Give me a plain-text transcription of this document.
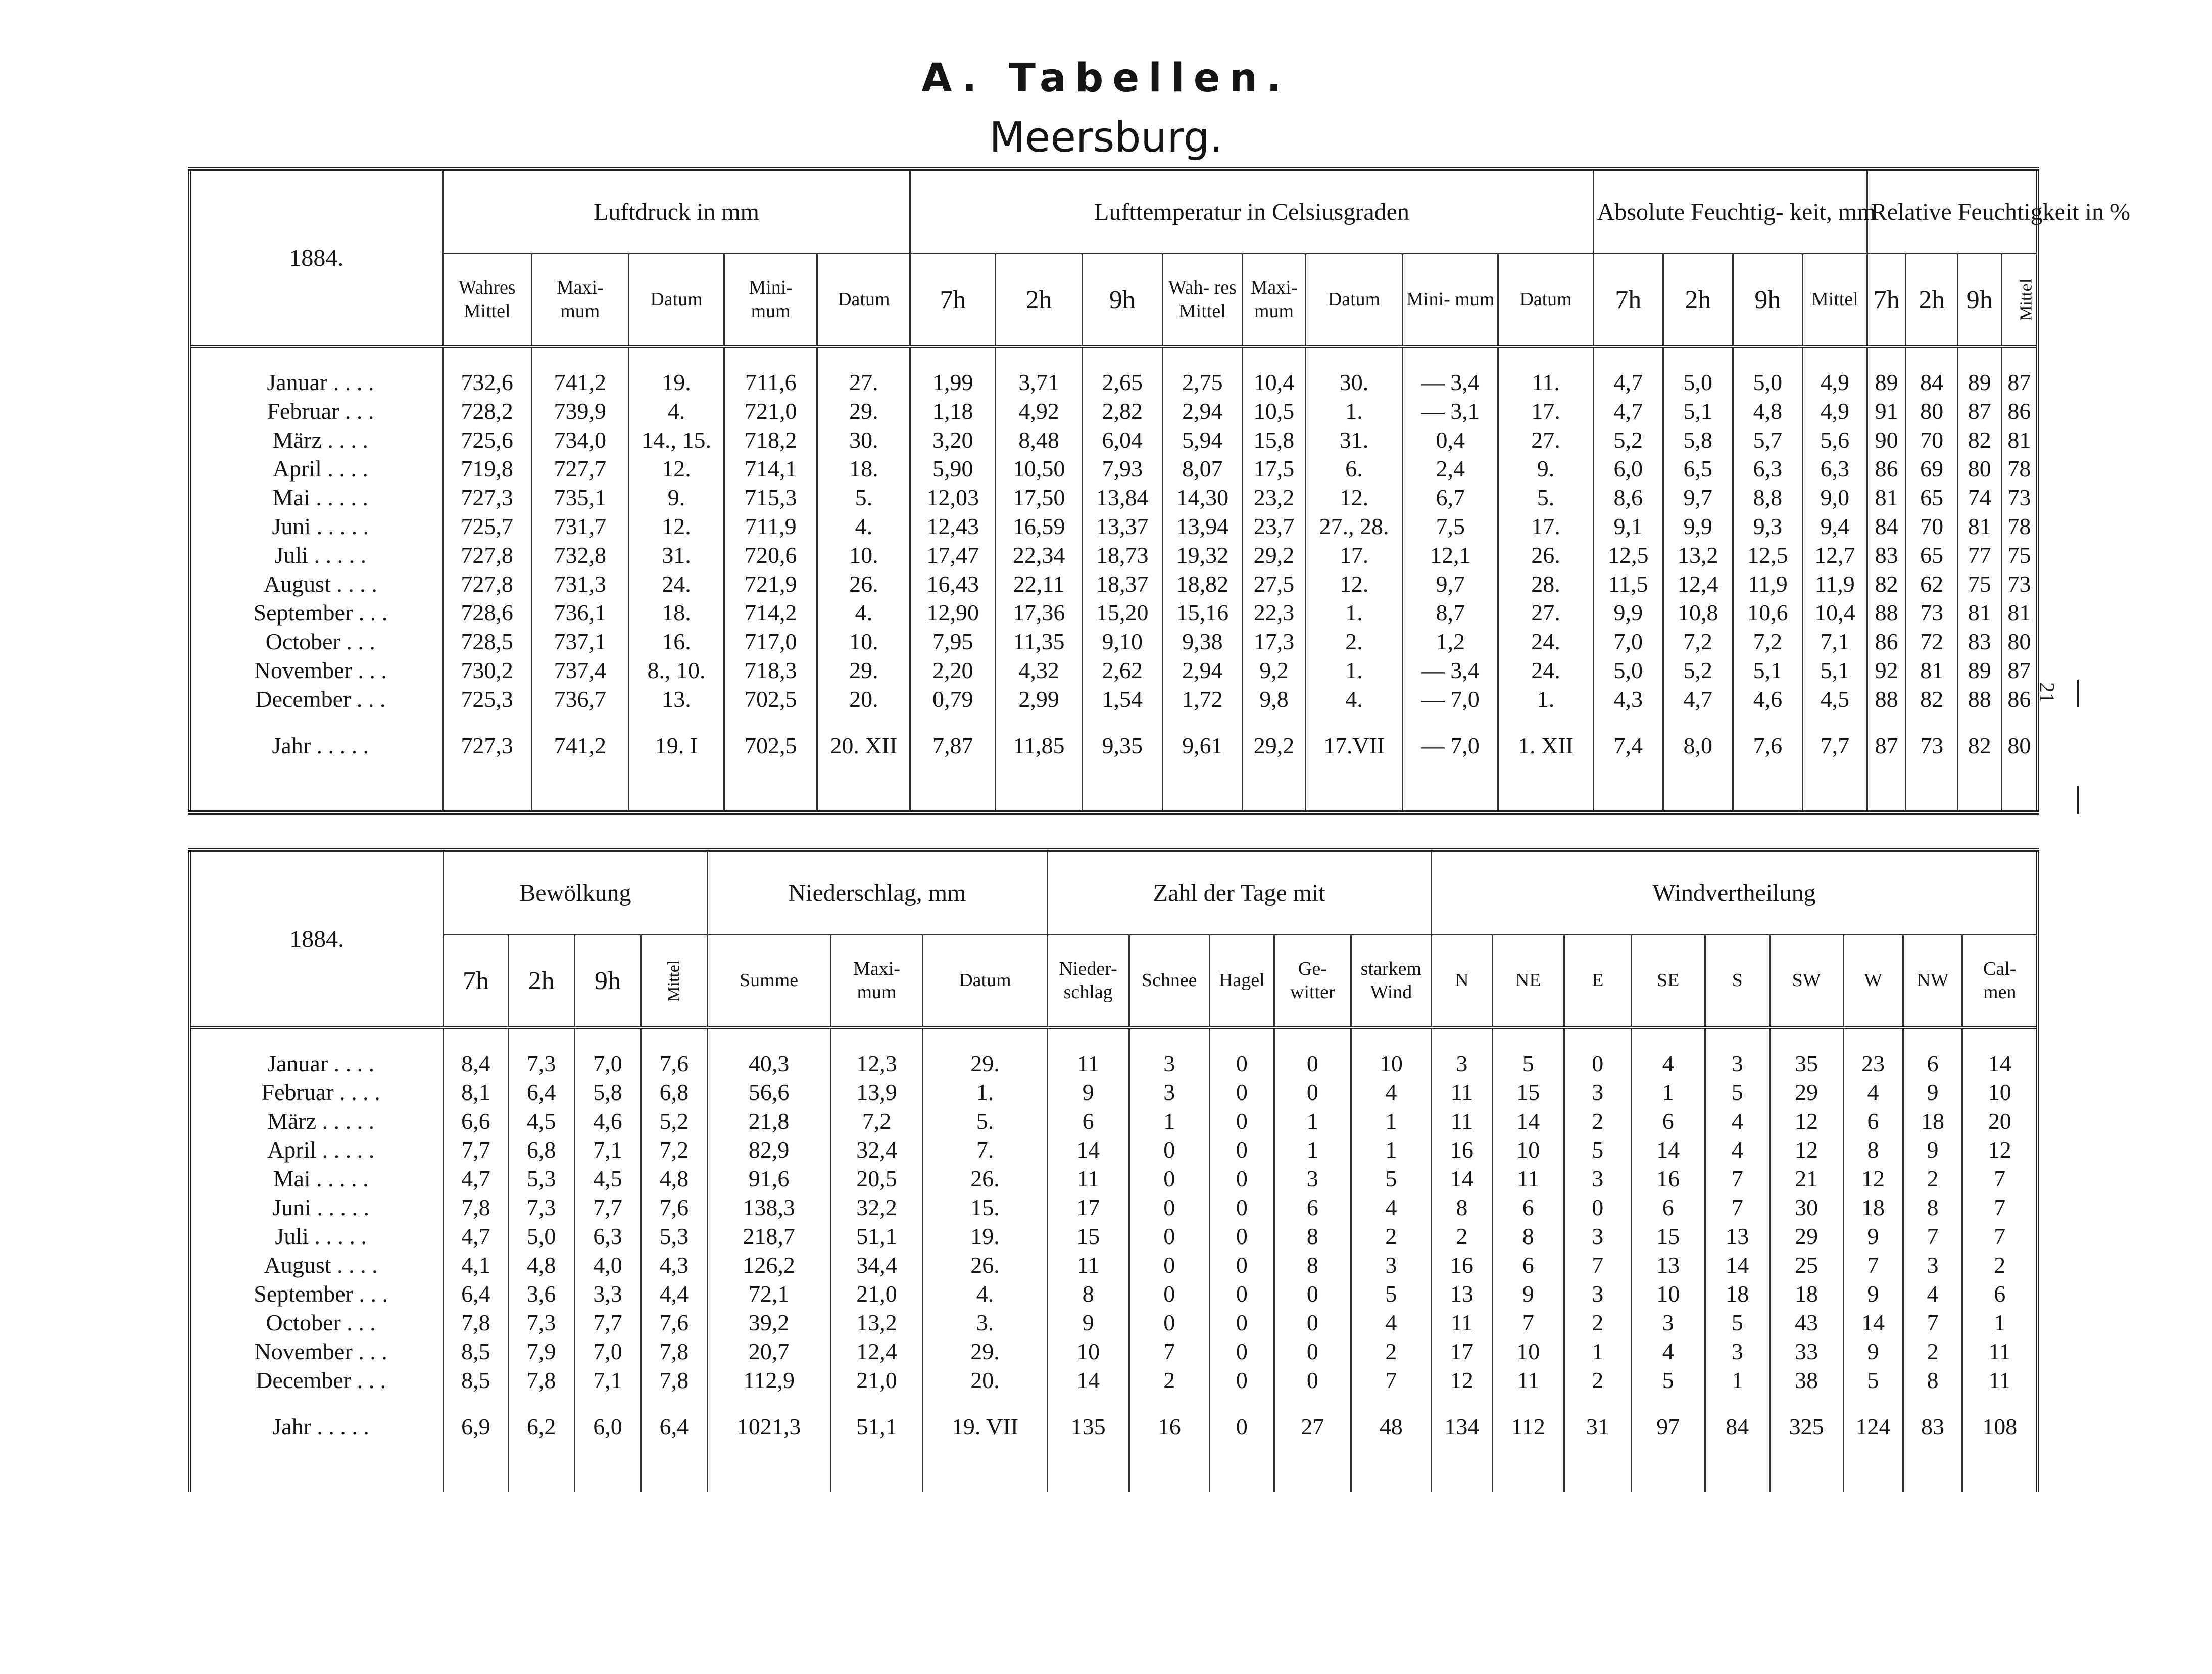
A. Tabellen.
Meersburg.
1884.	Luftdruck in mm					Lufttemperatur in Celsiusgraden								Absolute Feuchtig- keit, mm				Relative Feuchtigkeit in %			
	Wahres Mittel	Maxi- mum	Datum	Mini- mum	Datum	7h	2h	9h	Wah- res Mittel	Maxi- mum	Datum	Mini- mum	Datum	7h	2h	9h	Mittel	7h	2h	9h	Mittel

Januar . . . .	732,6	741,2	19.	711,6	27.	1,99	3,71	2,65	2,75	10,4	30.	— 3,4	11.	4,7	5,0	5,0	4,9	89	84	89	87
Februar . . .	728,2	739,9	4.	721,0	29.	1,18	4,92	2,82	2,94	10,5	1.	— 3,1	17.	4,7	5,1	4,8	4,9	91	80	87	86
März . . . .	725,6	734,0	14., 15.	718,2	30.	3,20	8,48	6,04	5,94	15,8	31.	0,4	27.	5,2	5,8	5,7	5,6	90	70	82	81
April . . . .	719,8	727,7	12.	714,1	18.	5,90	10,50	7,93	8,07	17,5	6.	2,4	9.	6,0	6,5	6,3	6,3	86	69	80	78
Mai . . . . .	727,3	735,1	9.	715,3	5.	12,03	17,50	13,84	14,30	23,2	12.	6,7	5.	8,6	9,7	8,8	9,0	81	65	74	73
Juni . . . . .	725,7	731,7	12.	711,9	4.	12,43	16,59	13,37	13,94	23,7	27., 28.	7,5	17.	9,1	9,9	9,3	9,4	84	70	81	78
Juli . . . . .	727,8	732,8	31.	720,6	10.	17,47	22,34	18,73	19,32	29,2	17.	12,1	26.	12,5	13,2	12,5	12,7	83	65	77	75
August . . . .	727,8	731,3	24.	721,9	26.	16,43	22,11	18,37	18,82	27,5	12.	9,7	28.	11,5	12,4	11,9	11,9	82	62	75	73
September . . .	728,6	736,1	18.	714,2	4.	12,90	17,36	15,20	15,16	22,3	1.	8,7	27.	9,9	10,8	10,6	10,4	88	73	81	81
October . . .	728,5	737,1	16.	717,0	10.	7,95	11,35	9,10	9,38	17,3	2.	1,2	24.	7,0	7,2	7,2	7,1	86	72	83	80
November . . .	730,2	737,4	8., 10.	718,3	29.	2,20	4,32	2,62	2,94	9,2	1.	— 3,4	24.	5,0	5,2	5,1	5,1	92	81	89	87
December . . .	725,3	736,7	13.	702,5	20.	0,79	2,99	1,54	1,72	9,8	4.	— 7,0	1.	4,3	4,7	4,6	4,5	88	82	88	86

Jahr . . . . .	727,3	741,2	19. I	702,5	20. XII	7,87	11,85	9,35	9,61	29,2	17.VII	— 7,0	1. XII	7,4	8,0	7,6	7,7	87	73	82	80

1884.	Bewölkung				Niederschlag, mm			Zahl der Tage mit					Windvertheilung								
	7h	2h	9h	Mittel	Summe	Maxi- mum	Datum	Nieder- schlag	Schnee	Hagel	Ge- witter	starkem Wind	N	NE	E	SE	S	SW	W	NW	Cal- men

Januar . . . .	8,4	7,3	7,0	7,6	40,3	12,3	29.	11	3	0	0	10	3	5	0	4	3	35	23	6	14
Februar . . . .	8,1	6,4	5,8	6,8	56,6	13,9	1.	9	3	0	0	4	11	15	3	1	5	29	4	9	10
März . . . . .	6,6	4,5	4,6	5,2	21,8	7,2	5.	6	1	0	1	1	11	14	2	6	4	12	6	18	20
April . . . . .	7,7	6,8	7,1	7,2	82,9	32,4	7.	14	0	0	1	1	16	10	5	14	4	12	8	9	12
Mai . . . . .	4,7	5,3	4,5	4,8	91,6	20,5	26.	11	0	0	3	5	14	11	3	16	7	21	12	2	7
Juni . . . . .	7,8	7,3	7,7	7,6	138,3	32,2	15.	17	0	0	6	4	8	6	0	6	7	30	18	8	7
Juli . . . . .	4,7	5,0	6,3	5,3	218,7	51,1	19.	15	0	0	8	2	2	8	3	15	13	29	9	7	7
August . . . .	4,1	4,8	4,0	4,3	126,2	34,4	26.	11	0	0	8	3	16	6	7	13	14	25	7	3	2
September . . .	6,4	3,6	3,3	4,4	72,1	21,0	4.	8	0	0	0	5	13	9	3	10	18	18	9	4	6
October . . .	7,8	7,3	7,7	7,6	39,2	13,2	3.	9	0	0	0	4	11	7	2	3	5	43	14	7	1
November . . .	8,5	7,9	7,0	7,8	20,7	12,4	29.	10	7	0	0	2	17	10	1	4	3	33	9	2	11
December . . .	8,5	7,8	7,1	7,8	112,9	21,0	20.	14	2	0	0	7	12	11	2	5	1	38	5	8	11

Jahr . . . . .	6,9	6,2	6,0	6,4	1021,3	51,1	19. VII	135	16	0	27	48	134	112	31	97	84	325	124	83	108

21
